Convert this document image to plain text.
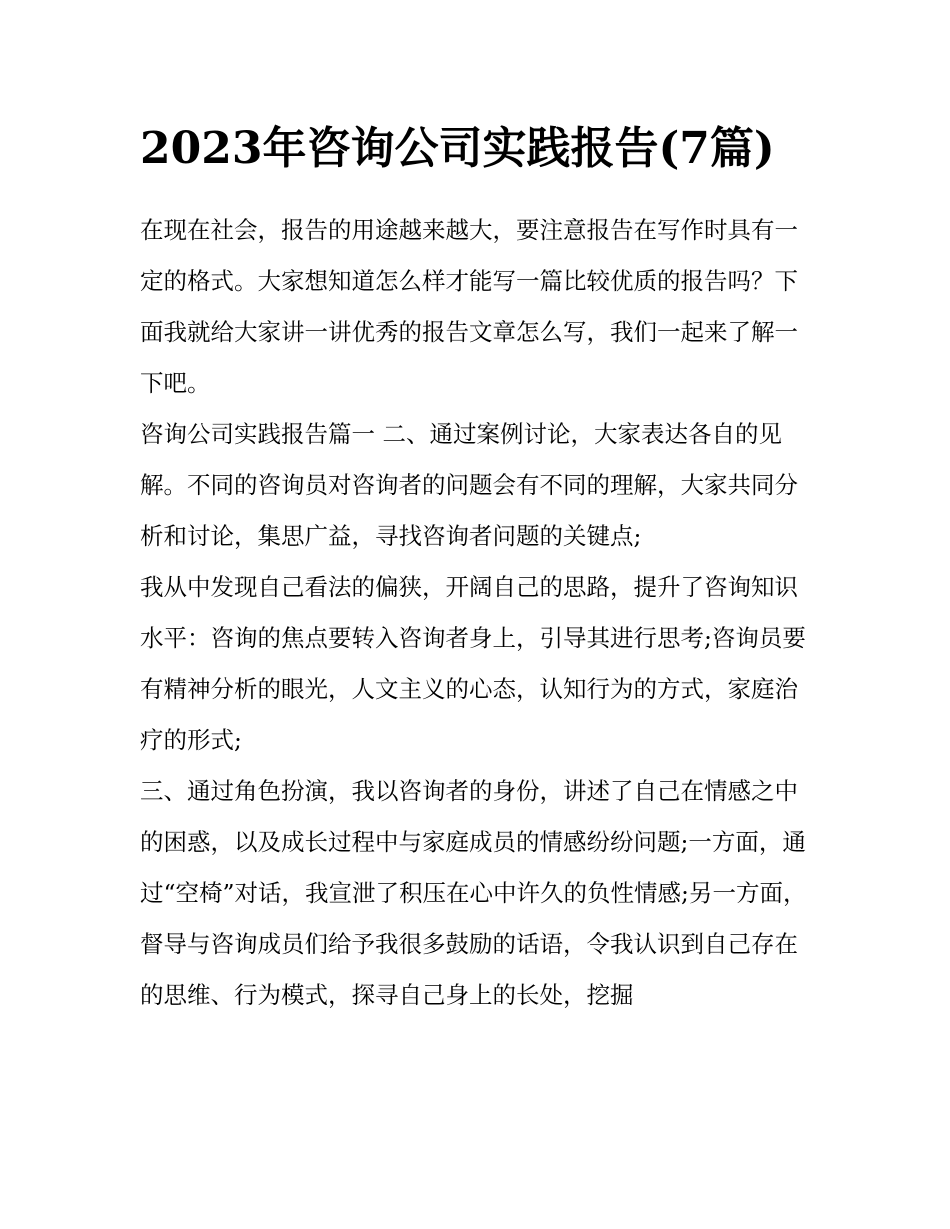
2023年咨询公司实践报告(7篇)

在现在社会，报告的用途越来越大，要注意报告在写作时具有一定的格式。大家想知道怎么样才能写一篇比较优质的报告吗？下面我就给大家讲一讲优秀的报告文章怎么写，我们一起来了解一下吧。

咨询公司实践报告篇一 二、通过案例讨论，大家表达各自的见解。不同的咨询员对咨询者的问题会有不同的理解，大家共同分析和讨论，集思广益，寻找咨询者问题的关键点;

我从中发现自己看法的偏狭，开阔自己的思路，提升了咨询知识水平：咨询的焦点要转入咨询者身上，引导其进行思考;咨询员要有精神分析的眼光，人文主义的心态，认知行为的方式，家庭治疗的形式;

三、通过角色扮演，我以咨询者的身份，讲述了自己在情感之中的困惑，以及成长过程中与家庭成员的情感纷纷问题;一方面，通过“空椅”对话，我宣泄了积压在心中许久的负性情感;另一方面，督导与咨询成员们给予我很多鼓励的话语，令我认识到自己存在的思维、行为模式，探寻自己身上的长处，挖掘
